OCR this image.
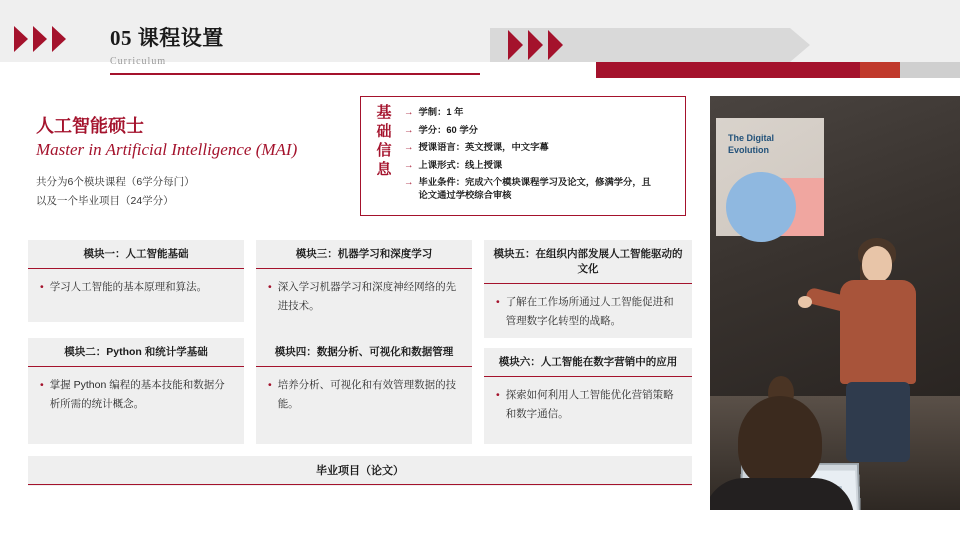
05 课程设置
Curriculum
人工智能硕士
Master in Artificial Intelligence (MAI)
共分为6个模块课程（6学分每门）
以及一个毕业项目（24学分）
基础信息
→ 学制：1 年
→ 学分：60 学分
→ 授课语言：英文授课，中文字幕
→ 上课形式：线上授课
→ 毕业条件：完成六个模块课程学习及论文，修满学分，且
论文通过学校综合审核
模块一：人工智能基础
• 学习人工智能的基本原理和算法。
模块二：Python 和统计学基础
• 掌握 Python 编程的基本技能和数据分析所需的统计概念。
模块三：机器学习和深度学习
• 深入学习机器学习和深度神经网络的先进技术。
模块四：数据分析、可视化和数据管理
• 培养分析、可视化和有效管理数据的技能。
模块五：在组织内部发展人工智能驱动的文化
• 了解在工作场所通过人工智能促进和管理数字化转型的战略。
模块六：人工智能在数字营销中的应用
• 探索如何利用人工智能优化营销策略和数字通信。
毕业项目（论文）
The Digital
Evolution
